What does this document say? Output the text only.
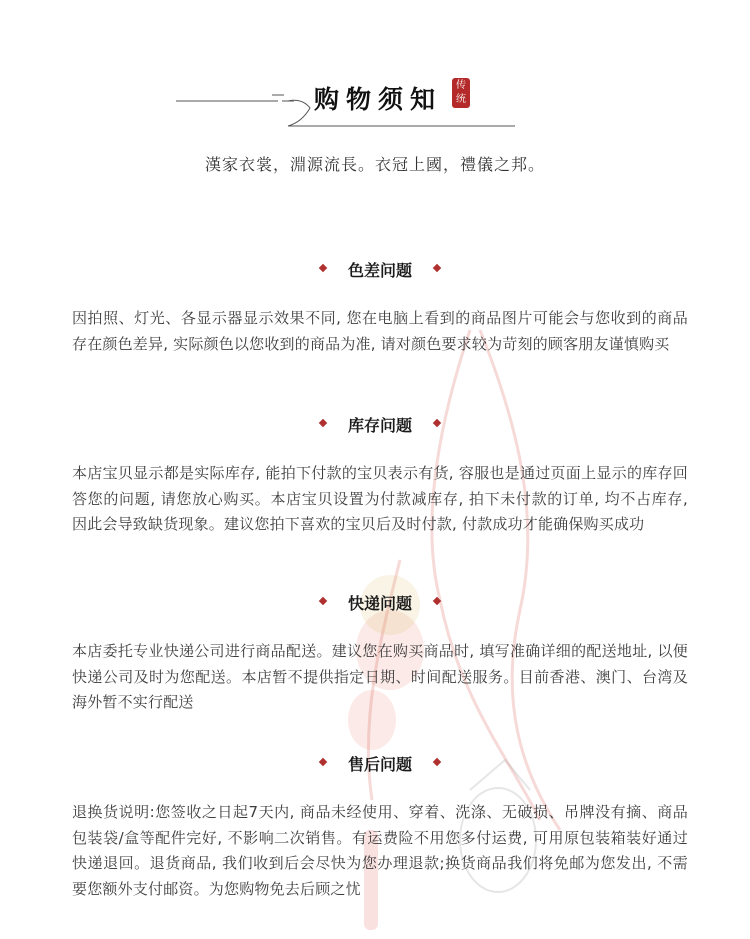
购物须知	传统
漢家衣裳，淵源流長。衣冠上國，禮儀之邦。
色差问题
因拍照、灯光、各显示器显示效果不同, 您在电脑上看到的商品图片可能会与您收到的商品存在颜色差异, 实际颜色以您收到的商品为准, 请对颜色要求较为苛刻的顾客朋友谨慎购买
库存问题
本店宝贝显示都是实际库存, 能拍下付款的宝贝表示有货, 容服也是通过页面上显示的库存回答您的问题, 请您放心购买。本店宝贝设置为付款减库存, 拍下未付款的订单, 均不占库存, 因此会导致缺货现象。建议您拍下喜欢的宝贝后及时付款, 付款成功才能确保购买成功
快递问题
本店委托专业快递公司进行商品配送。建议您在购买商品时, 填写准确详细的配送地址, 以便快递公司及时为您配送。本店暂不提供指定日期、时间配送服务。目前香港、澳门、台湾及海外暂不实行配送
售后问题
退换货说明:您签收之日起7天内, 商品未经使用、穿着、洗涤、无破损、吊牌没有摘、商品包装袋/盒等配件完好, 不影响二次销售。有运费险不用您多付运费, 可用原包装箱装好通过快递退回。退货商品, 我们收到后会尽快为您办理退款;换货商品我们将免邮为您发出, 不需要您额外支付邮资。为您购物免去后顾之忧
